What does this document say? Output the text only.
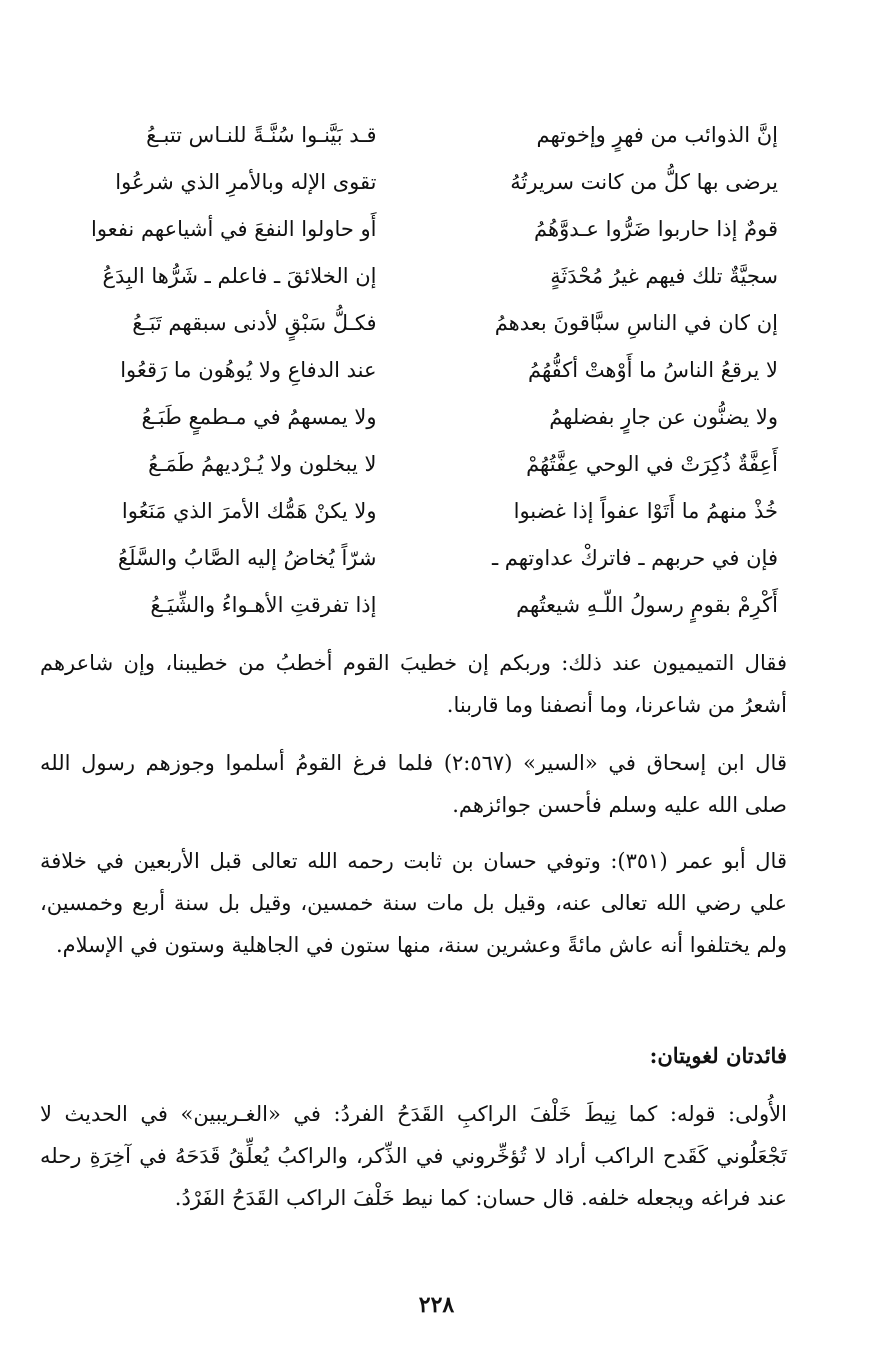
إنَّ الذوائب من فهرٍ وإخوتهم
قـد بَيَّنـوا سُنَّـةً للنـاس تتبـعُ
يرضى بها كلُّ من كانت سريرتُهُ
تقوى الإله وبالأمرِ الذي شرعُوا
قومٌ إذا حاربوا ضَرُّوا عـدوَّهُمُ
أَو حاولوا النفعَ في أشياعهم نفعوا
سجيَّةٌ تلك فيهم غيرُ مُحْدَثَةٍ
إن الخلائقَ ـ فاعلم ـ شَرُّها البِدَعُ
إن كان في الناسِ سبَّاقونَ بعدهمُ
فكـلُّ سَبْقٍ لأدنى سبقهم تَبَـعُ
لا يرقعُ الناسُ ما أَوْهتْ أكفُّهُمُ
عند الدفاعِ ولا يُوهُون ما رَقعُوا
ولا يضنُّون عن جارٍ بفضلهمُ
ولا يمسهمُ في مـطمعٍ طَبَـعُ
أَعِفَّةٌ ذُكِرَتْ في الوحي عِفَّتُهُمْ
لا يبخلون ولا يُـرْديهمُ طَمَـعُ
خُذْ منهمُ ما أَتَوْا عفواً إذا غضبوا
ولا يكنْ هَمُّك الأمرَ الذي مَنَعُوا
فإن في حربهم ـ فاتركْ عداوتهم ـ
شرّاً يُخاضُ إليه الصَّابُ والسَّلَعُ
أَكْرِمْ بقومٍ رسولُ اللّـهِ شيعتُهم
إذا تفرقتِ الأهـواءُ والشِّيَـعُ
فقال التميميون عند ذلك: وربكم إن خطيبَ القوم أخطبُ من خطيبنا، وإن شاعرهم أشعرُ من شاعرنا، وما أنصفنا وما قاربنا.
قال ابن إسحاق في «السير» (٢:٥٦٧) فلما فرغ القومُ أسلموا وجوزهم رسول الله صلى الله عليه وسلم فأحسن جوائزهم.
قال أبو عمر (٣٥١): وتوفي حسان بن ثابت رحمه الله تعالى قبل الأربعين في خلافة علي رضي الله تعالى عنه، وقيل بل مات سنة خمسين، وقيل بل سنة أربع وخمسين، ولم يختلفوا أنه عاش مائةً وعشرين سنة، منها ستون في الجاهلية وستون في الإسلام.
فائدتان لغويتان:
الأُولى: قوله: كما نِيطَ خَلْفَ الراكبِ القَدَحُ الفردُ: في «الغـريبين» في الحديث لا تَجْعَلُوني كَقَدح الراكب أراد لا تُؤخِّروني في الذِّكر، والراكبُ يُعلِّقُ قَدَحَهُ في آخِرَةِ رحله عند فراغه ويجعله خلفه. قال حسان: كما نيط خَلْفَ الراكب القَدَحُ الفَرْدُ.
٢٢٨
